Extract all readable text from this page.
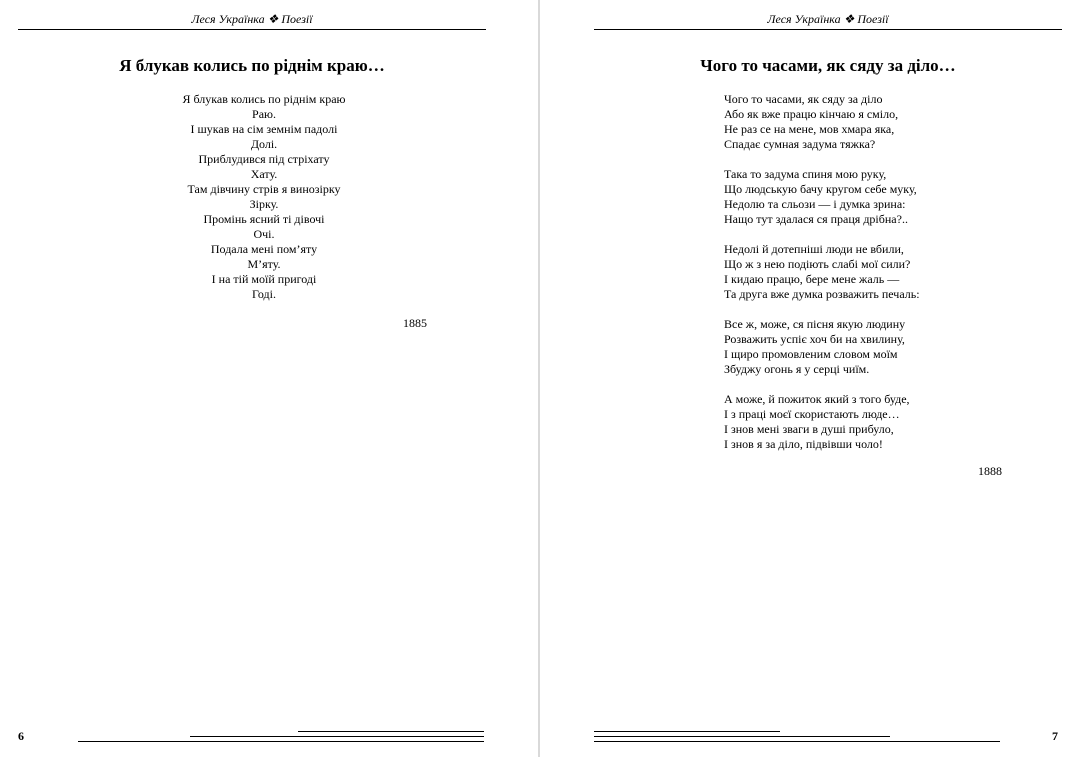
Леся Українка ❖ Поезії
Я блукав колись по ріднім краю…
Я блукав колись по ріднім краю
Раю.
І шукав на сім земнім падолі
Долі.
Приблудився під стріхату
Хату.
Там дівчину стрів я винозірку
Зірку.
Промінь ясний ті дівочі
Очі.
Подала мені пом’яту
М’яту.
І на тій моїй пригоді
Годі.
1885
6
Леся Українка ❖ Поезії
Чого то часами, як сяду за діло…
Чого то часами, як сяду за діло
Або як вже працю кінчаю я сміло,
Не раз се на мене, мов хмара яка,
Спадає сумная задума тяжка?
Така то задума спиня мою руку,
Що людськую бачу кругом себе муку,
Недолю та сльози — і думка зрина:
Нащо тут здалася ся праця дрібна?..
Недолі й дотепніші люди не вбили,
Що ж з нею подіють слабі мої сили?
І кидаю працю, бере мене жаль —
Та друга вже думка розважить печаль:
Все ж, може, ся пісня якую людину
Розважить успіє хоч би на хвилину,
І щиро промовленим словом моїм
Збуджу огонь я у серці чиїм.
А може, й пожиток який з того буде,
І з праці моєї скористають люде…
І знов мені зваги в душі прибуло,
І знов я за діло, підвівши чоло!
1888
7
